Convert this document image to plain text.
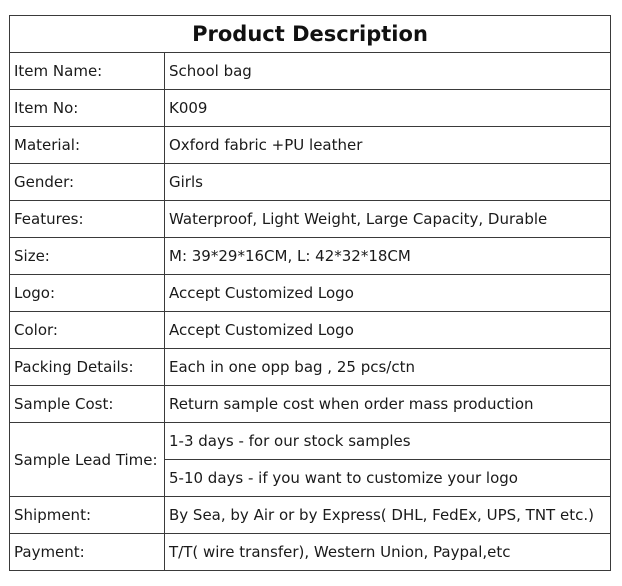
Product Description	
Item Name:	School bag
Item No:	K009
Material:	Oxford fabric +PU leather
Gender:	Girls
Features:	Waterproof, Light Weight, Large Capacity, Durable
Size:	M: 39*29*16CM, L: 42*32*18CM
Logo:	Accept Customized Logo
Color:	Accept Customized Logo
Packing Details:	Each in one opp bag , 25 pcs/ctn
Sample Cost:	Return sample cost when order mass production
Sample Lead Time:	1-3 days - for our stock samples
	5-10 days - if you want to customize your logo
Shipment:	By Sea, by Air or by Express( DHL, FedEx, UPS, TNT etc.)
Payment:	T/T( wire transfer), Western Union, Paypal,etc
